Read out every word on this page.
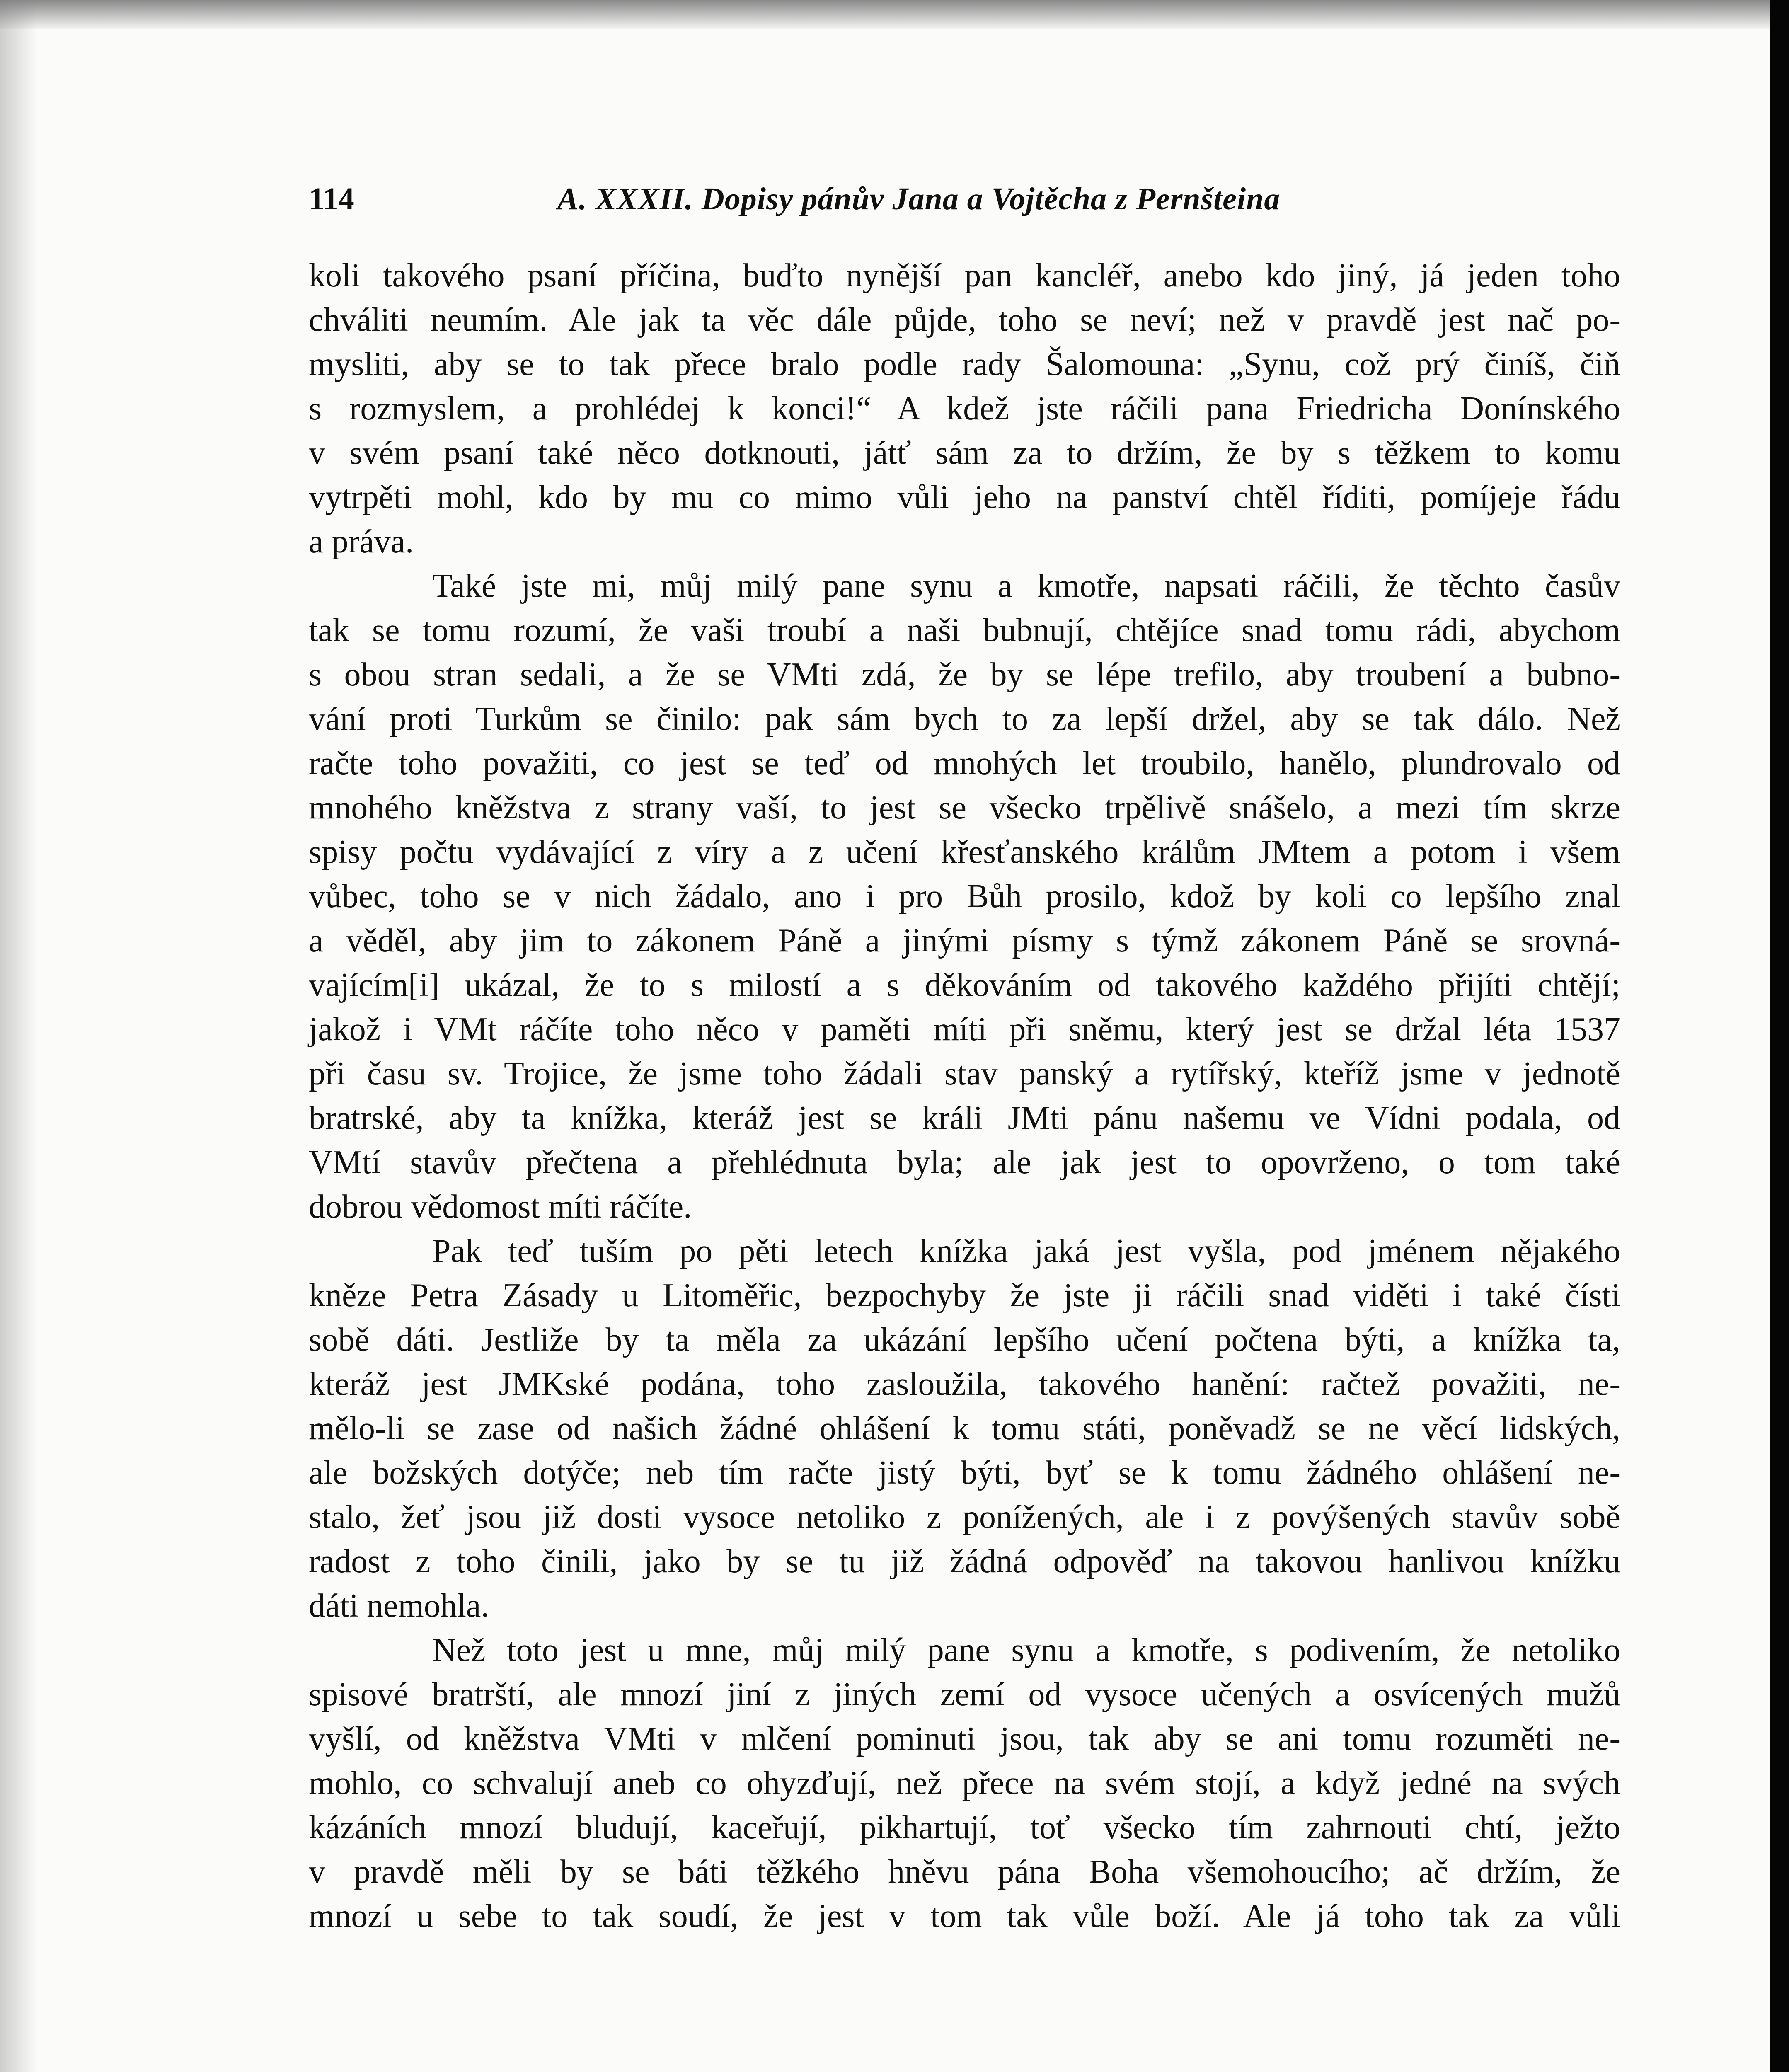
114	A. XXXII. Dopisy pánův Jana a Vojtěcha z Pernšteina
koli takového psaní příčina, buďto nynější pan kancléř, anebo kdo jiný, já jeden toho
chváliti neumím. Ale jak ta věc dále půjde, toho se neví; než v pravdě jest nač po-
mysliti, aby se to tak přece bralo podle rady Šalomouna: „Synu, což prý činíš, čiň
s rozmyslem, a prohlédej k konci!“ A kdež jste ráčili pana Friedricha Donínského
v svém psaní také něco dotknouti, játť sám za to držím, že by s těžkem to komu
vytrpěti mohl, kdo by mu co mimo vůli jeho na panství chtěl říditi, pomíjeje řádu
a práva.
Také jste mi, můj milý pane synu a kmotře, napsati ráčili, že těchto časův
tak se tomu rozumí, že vaši troubí a naši bubnují, chtějíce snad tomu rádi, abychom
s obou stran sedali, a že se VMti zdá, že by se lépe trefilo, aby troubení a bubno-
vání proti Turkům se činilo: pak sám bych to za lepší držel, aby se tak dálo. Než
račte toho považiti, co jest se teď od mnohých let troubilo, hanělo, plundrovalo od
mnohého kněžstva z strany vaší, to jest se všecko trpělivě snášelo, a mezi tím skrze
spisy počtu vydávající z víry a z učení křesťanského králům JMtem a potom i všem
vůbec, toho se v nich žádalo, ano i pro Bůh prosilo, kdož by koli co lepšího znal
a věděl, aby jim to zákonem Páně a jinými písmy s týmž zákonem Páně se srovná-
vajícím[i] ukázal, že to s milostí a s děkováním od takového každého přijíti chtějí;
jakož i VMt ráčíte toho něco v paměti míti při sněmu, který jest se držal léta 1537
při času sv. Trojice, že jsme toho žádali stav panský a rytířský, kteříž jsme v jednotě
bratrské, aby ta knížka, kteráž jest se králi JMti pánu našemu ve Vídni podala, od
VMtí stavův přečtena a přehlédnuta byla; ale jak jest to opovrženo, o tom také
dobrou vědomost míti ráčíte.
Pak teď tuším po pěti letech knížka jaká jest vyšla, pod jménem nějakého
kněze Petra Zásady u Litoměřic, bezpochyby že jste ji ráčili snad viděti i také čísti
sobě dáti. Jestliže by ta měla za ukázání lepšího učení počtena býti, a knížka ta,
kteráž jest JMKské podána, toho zasloužila, takového hanění: račtež považiti, ne-
mělo-li se zase od našich žádné ohlášení k tomu státi, poněvadž se ne věcí lidských,
ale božských dotýče; neb tím račte jistý býti, byť se k tomu žádného ohlášení ne-
stalo, žeť jsou již dosti vysoce netoliko z ponížených, ale i z povýšených stavův sobě
radost z toho činili, jako by se tu již žádná odpověď na takovou hanlivou knížku
dáti nemohla.
Než toto jest u mne, můj milý pane synu a kmotře, s podivením, že netoliko
spisové bratrští, ale mnozí jiní z jiných zemí od vysoce učených a osvícených mužů
vyšlí, od kněžstva VMti v mlčení pominuti jsou, tak aby se ani tomu rozuměti ne-
mohlo, co schvalují aneb co ohyzďují, než přece na svém stojí, a když jedné na svých
kázáních mnozí bludují, kaceřují, pikhartují, toť všecko tím zahrnouti chtí, ježto
v pravdě měli by se báti těžkého hněvu pána Boha všemohoucího; ač držím, že
mnozí u sebe to tak soudí, že jest v tom tak vůle boží. Ale já toho tak za vůli
